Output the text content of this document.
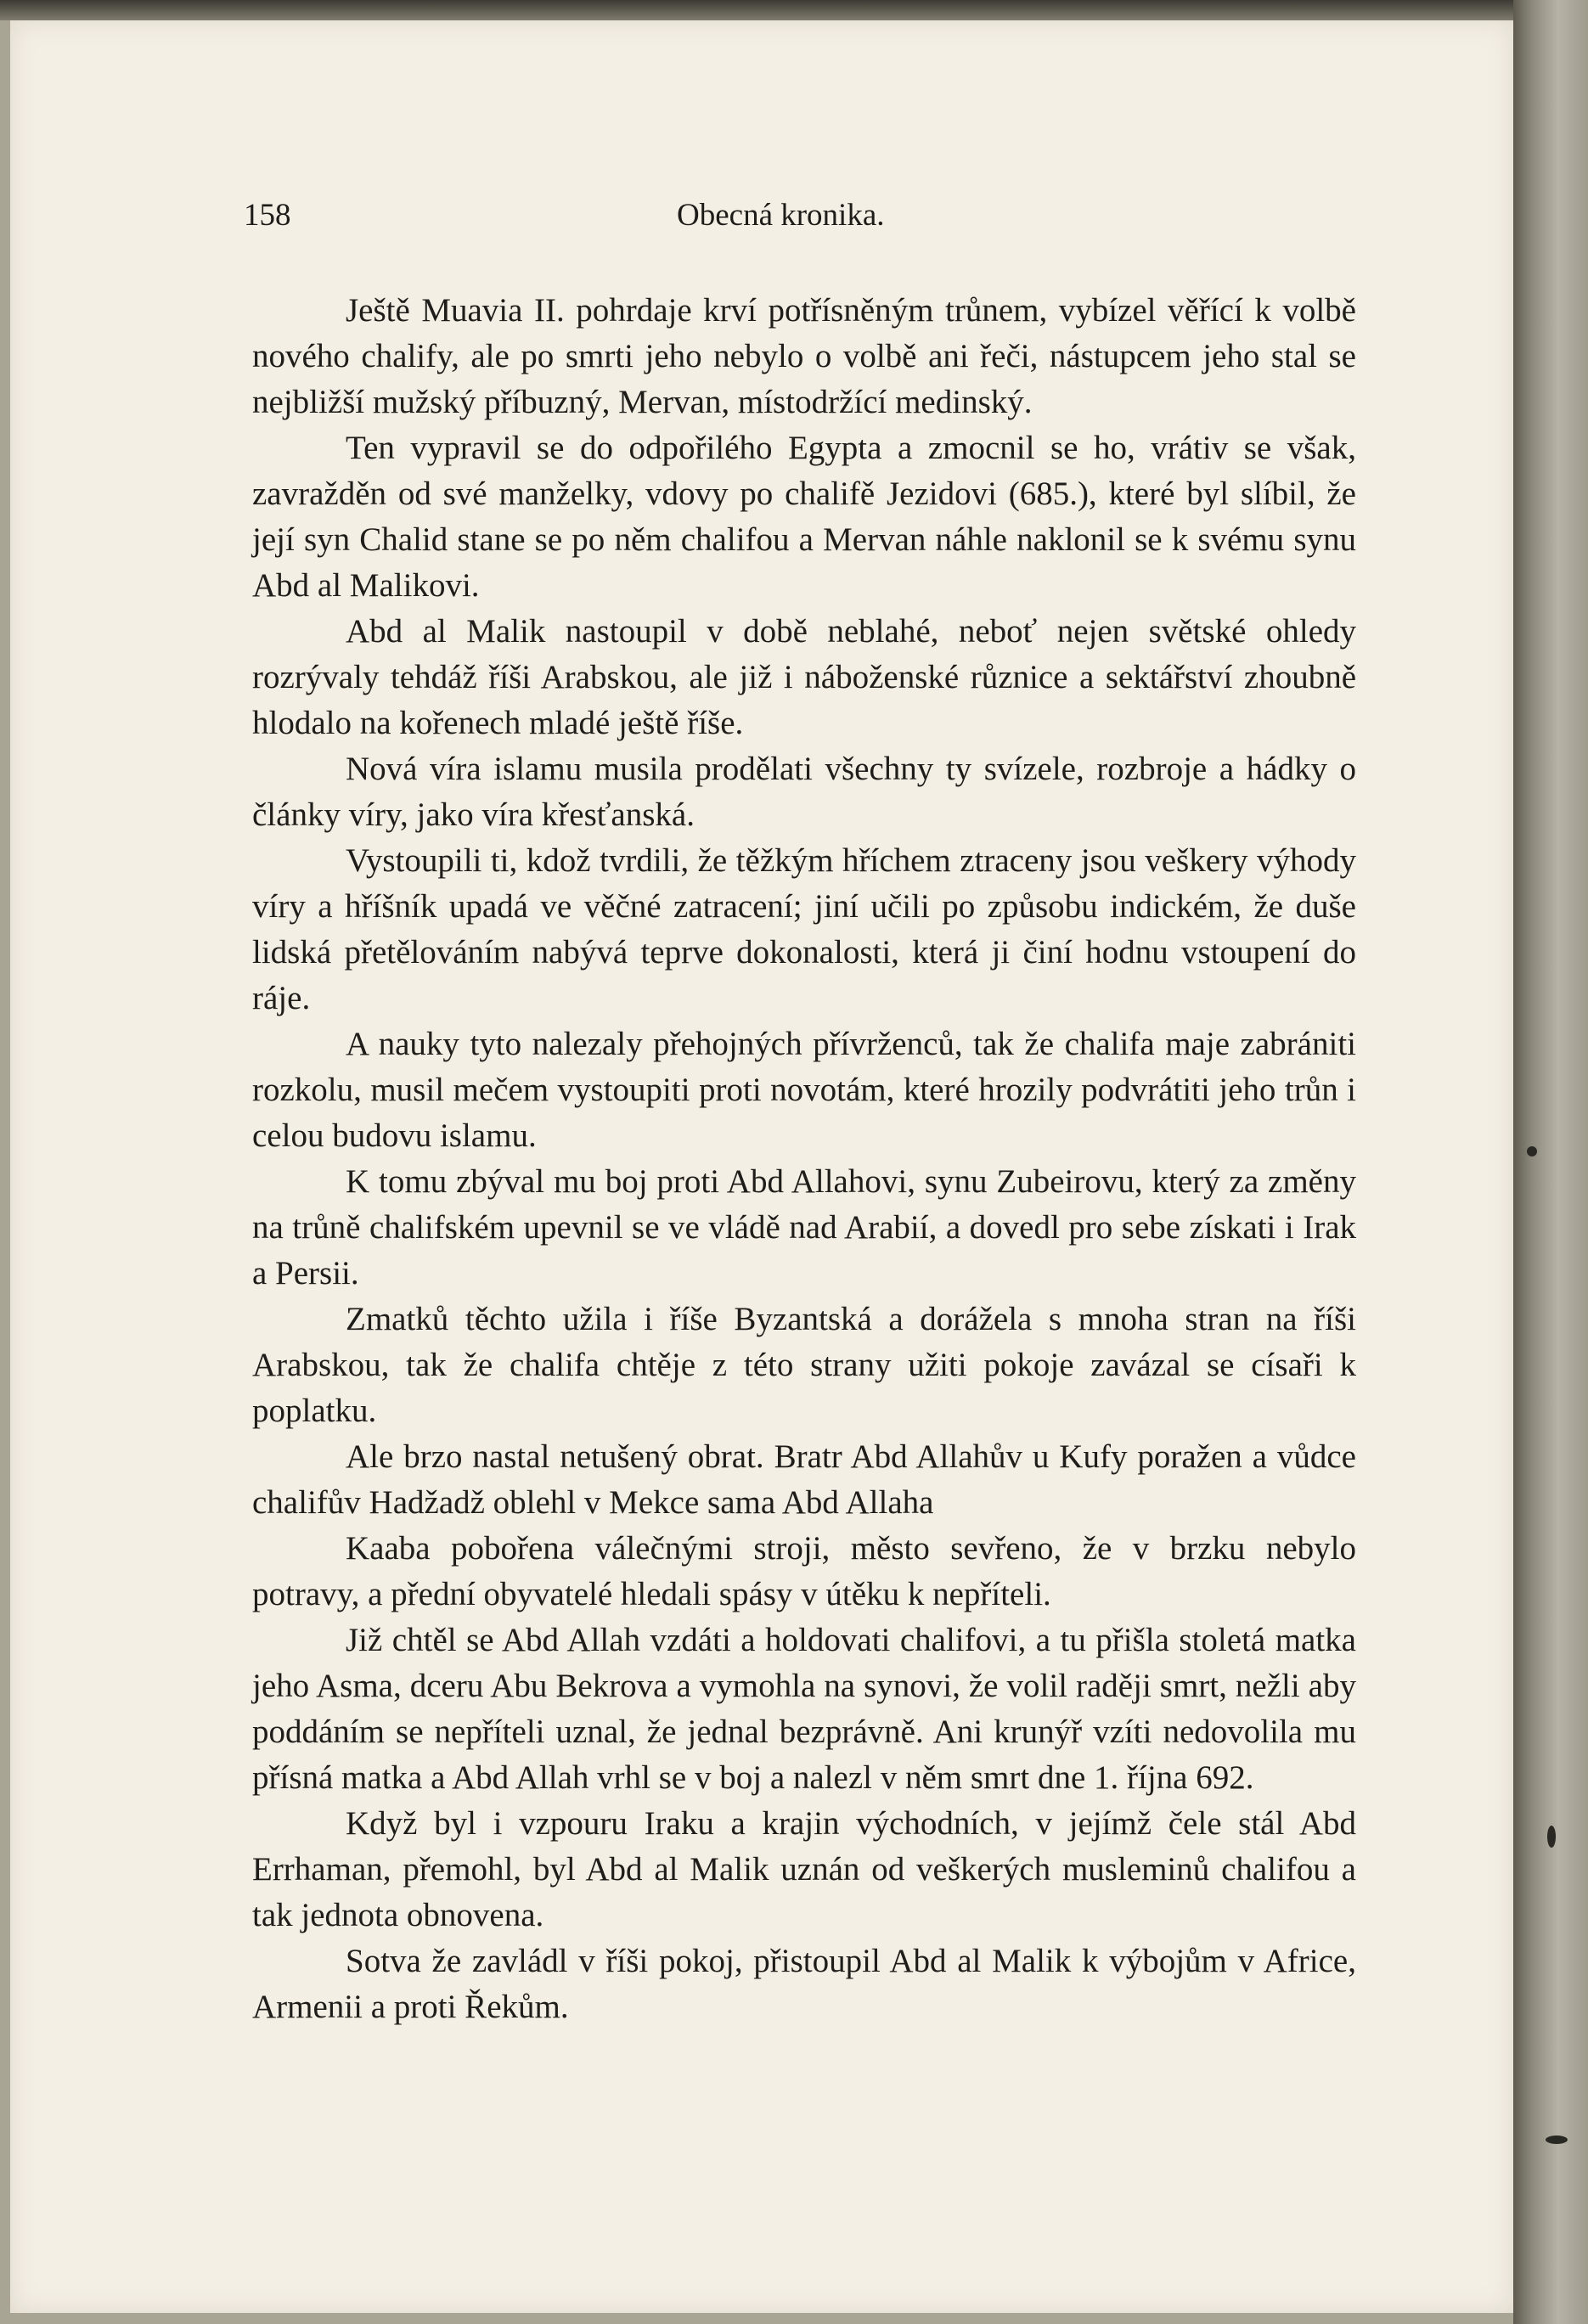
158	Obecná kronika.

Ještě Muavia II. pohrdaje krví potřísněným trůnem, vybízel věřící k volbě nového chalify, ale po smrti jeho nebylo o volbě ani řeči, nástupcem jeho stal se nejbližší mužský příbuzný, Mervan, místodržící medinský.

Ten vypravil se do odpořilého Egypta a zmocnil se ho, vrátiv se však, zavražděn od své manželky, vdovy po chalifě Jezidovi (685.), které byl slíbil, že její syn Chalid stane se po něm chalifou a Mervan náhle naklonil se k svému synu Abd al Malikovi.

Abd al Malik nastoupil v době neblahé, neboť nejen světské ohledy rozrývaly tehdáž říši Arabskou, ale již i náboženské různice a sektářství zhoubně hlodalo na kořenech mladé ještě říše.

Nová víra islamu musila prodělati všechny ty svízele, rozbroje a hádky o články víry, jako víra křesťanská.

Vystoupili ti, kdož tvrdili, že těžkým hříchem ztraceny jsou veškery výhody víry a hříšník upadá ve věčné zatracení; jiní učili po způsobu indickém, že duše lidská přetělováním nabývá teprve dokonalosti, která ji činí hodnu vstoupení do ráje.

A nauky tyto nalezaly přehojných přívrženců, tak že chalifa maje zabrániti rozkolu, musil mečem vystoupiti proti novotám, které hrozily podvrátiti jeho trůn i celou budovu islamu.

K tomu zbýval mu boj proti Abd Allahovi, synu Zubeirovu, který za změny na trůně chalifském upevnil se ve vládě nad Arabií, a dovedl pro sebe získati i Irak a Persii.

Zmatků těchto užila i říše Byzantská a dorážela s mnoha stran na říši Arabskou, tak že chalifa chtěje z této strany užiti pokoje zavázal se císaři k poplatku.

Ale brzo nastal netušený obrat. Bratr Abd Allahův u Kufy poražen a vůdce chalifův Hadžadž oblehl v Mekce sama Abd Allaha

Kaaba pobořena válečnými stroji, město sevřeno, že v brzku nebylo potravy, a přední obyvatelé hledali spásy v útěku k nepříteli.

Již chtěl se Abd Allah vzdáti a holdovati chalifovi, a tu přišla stoletá matka jeho Asma, dceru Abu Bekrova a vymohla na synovi, že volil raději smrt, nežli aby poddáním se nepříteli uznal, že jednal bezprávně. Ani krunýř vzíti nedovolila mu přísná matka a Abd Allah vrhl se v boj a nalezl v něm smrt dne 1. října 692.

Když byl i vzpouru Iraku a krajin východních, v jejímž čele stál Abd Errhaman, přemohl, byl Abd al Malik uznán od veškerých musleminů chalifou a tak jednota obnovena.

Sotva že zavládl v říši pokoj, přistoupil Abd al Malik k výbojům v Africe, Armenii a proti Řekům.
